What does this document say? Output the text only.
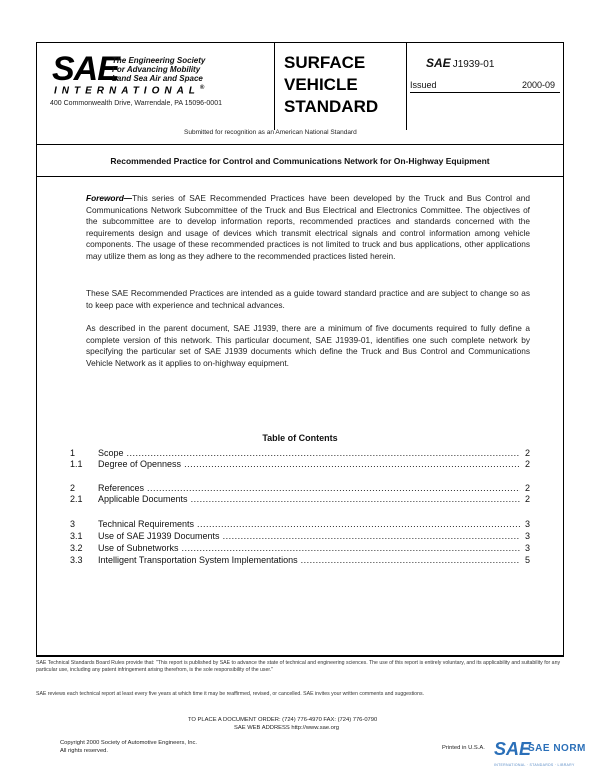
SAE
The Engineering Society
For Advancing Mobility
Land Sea Air and Space
INTERNATIONAL®
400 Commonwealth Drive, Warrendale, PA 15096-0001
SURFACE
VEHICLE
STANDARD
SAE J1939-01
Issued	2000-09
Submitted for recognition as an American National Standard
Recommended Practice for Control and Communications Network for On-Highway Equipment

Foreword—This series of SAE Recommended Practices have been developed by the Truck and Bus Control and Communications Network Subcommittee of the Truck and Bus Electrical and Electronics Committee. The objectives of the subcommittee are to develop information reports, recommended practices and standards concerned with the requirements design and usage of devices which transmit electrical signals and control information among vehicle components. The usage of these recommended practices is not limited to truck and bus applications, other applications may utilize them as long as they adhere to the recommended practices listed herein.

These SAE Recommended Practices are intended as a guide toward standard practice and are subject to change so as to keep pace with experience and technical advances.

As described in the parent document, SAE J1939, there are a minimum of five documents required to fully define a complete version of this network. This particular document, SAE J1939-01, identifies one such complete network by specifying the particular set of SAE J1939 documents which define the Truck and Bus Control and Communications Vehicle Network as it applies to on-highway equipment.

Table of Contents
1	Scope .....	2
1.1 Degree of Openness .....	2
2	References .....	2
2.1 Applicable Documents .....	2
3	Technical Requirements .....	3
3.1 Use of SAE J1939 Documents .....	3
3.2 Use of Subnetworks .....	3
3.3 Intelligent Transportation System Implementations .....	5

SAE Technical Standards Board Rules provide that: "This report is published by SAE to advance the state of technical and engineering sciences. The use of this report is entirely voluntary, and its applicability and suitability for any particular use, including any patent infringement arising therefrom, is the sole responsibility of the user."

SAE reviews each technical report at least every five years at which time it may be reaffirmed, revised, or cancelled. SAE invites your written comments and suggestions.

TO PLACE A DOCUMENT ORDER: (724) 776-4970 FAX: (724) 776-0790
SAE WEB ADDRESS http://www.sae.org
Copyright 2000 Society of Automotive Engineers, Inc.
All rights reserved.	Printed in U.S.A. SAE
SAE NORM
INTERNATIONAL · STANDARDS · LIBRARY
